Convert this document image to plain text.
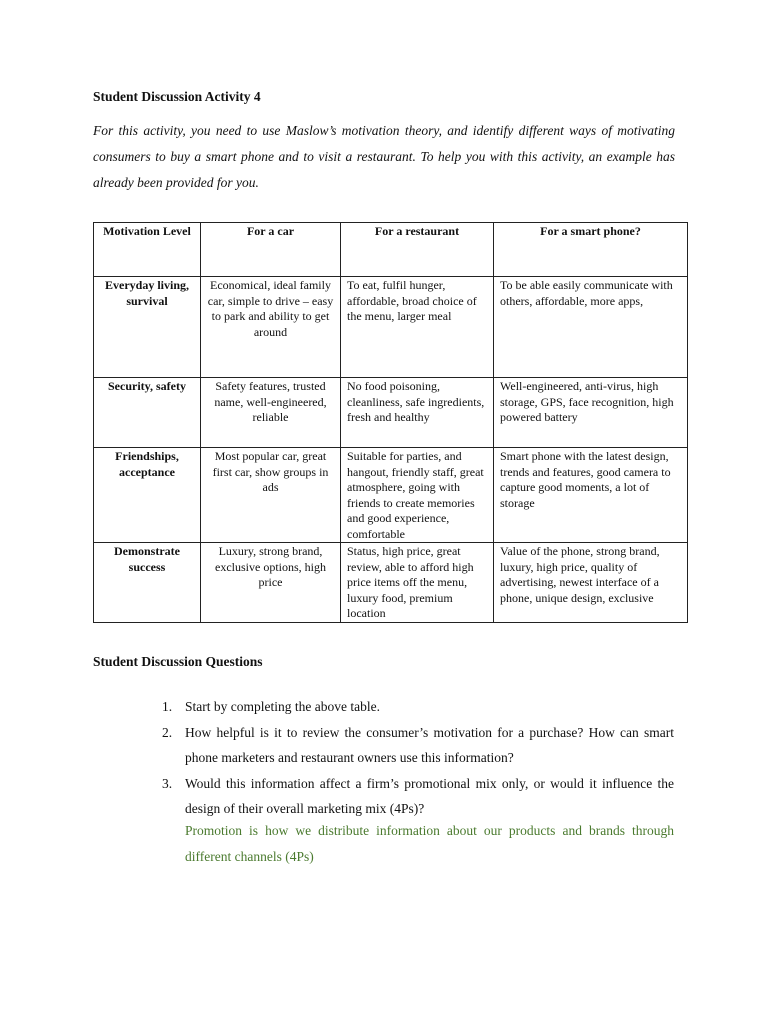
Student Discussion Activity 4

For this activity, you need to use Maslow’s motivation theory, and identify different ways of motivating consumers to buy a smart phone and to visit a restaurant. To help you with this activity, an example has already been provided for you.

Motivation Level	For a car	For a restaurant	For a smart phone?
Everyday living, survival	Economical, ideal family car, simple to drive – easy to park and ability to get around	To eat, fulfil hunger, affordable, broad choice of the menu, larger meal	To be able easily communicate with others, affordable, more apps,
Security, safety	Safety features, trusted name, well-engineered, reliable	No food poisoning, cleanliness, safe ingredients, fresh and healthy	Well-engineered, anti-virus, high storage, GPS, face recognition, high powered battery
Friendships, acceptance	Most popular car, great first car, show groups in ads	Suitable for parties, and hangout, friendly staff, great atmosphere, going with friends to create memories and good experience, comfortable	Smart phone with the latest design, trends and features, good camera to capture good moments, a lot of storage
Demonstrate success	Luxury, strong brand, exclusive options, high price	Status, high price, great review, able to afford high price items off the menu, luxury food, premium location	Value of the phone, strong brand, luxury, high price, quality of advertising, newest interface of a phone, unique design, exclusive
Student Discussion Questions
1. Start by completing the above table.
2. How helpful is it to review the consumer’s motivation for a purchase? How can smart phone marketers and restaurant owners use this information?
3. Would this information affect a firm’s promotional mix only, or would it influence the design of their overall marketing mix (4Ps)?

Promotion is how we distribute information about our products and brands through different channels (4Ps)
